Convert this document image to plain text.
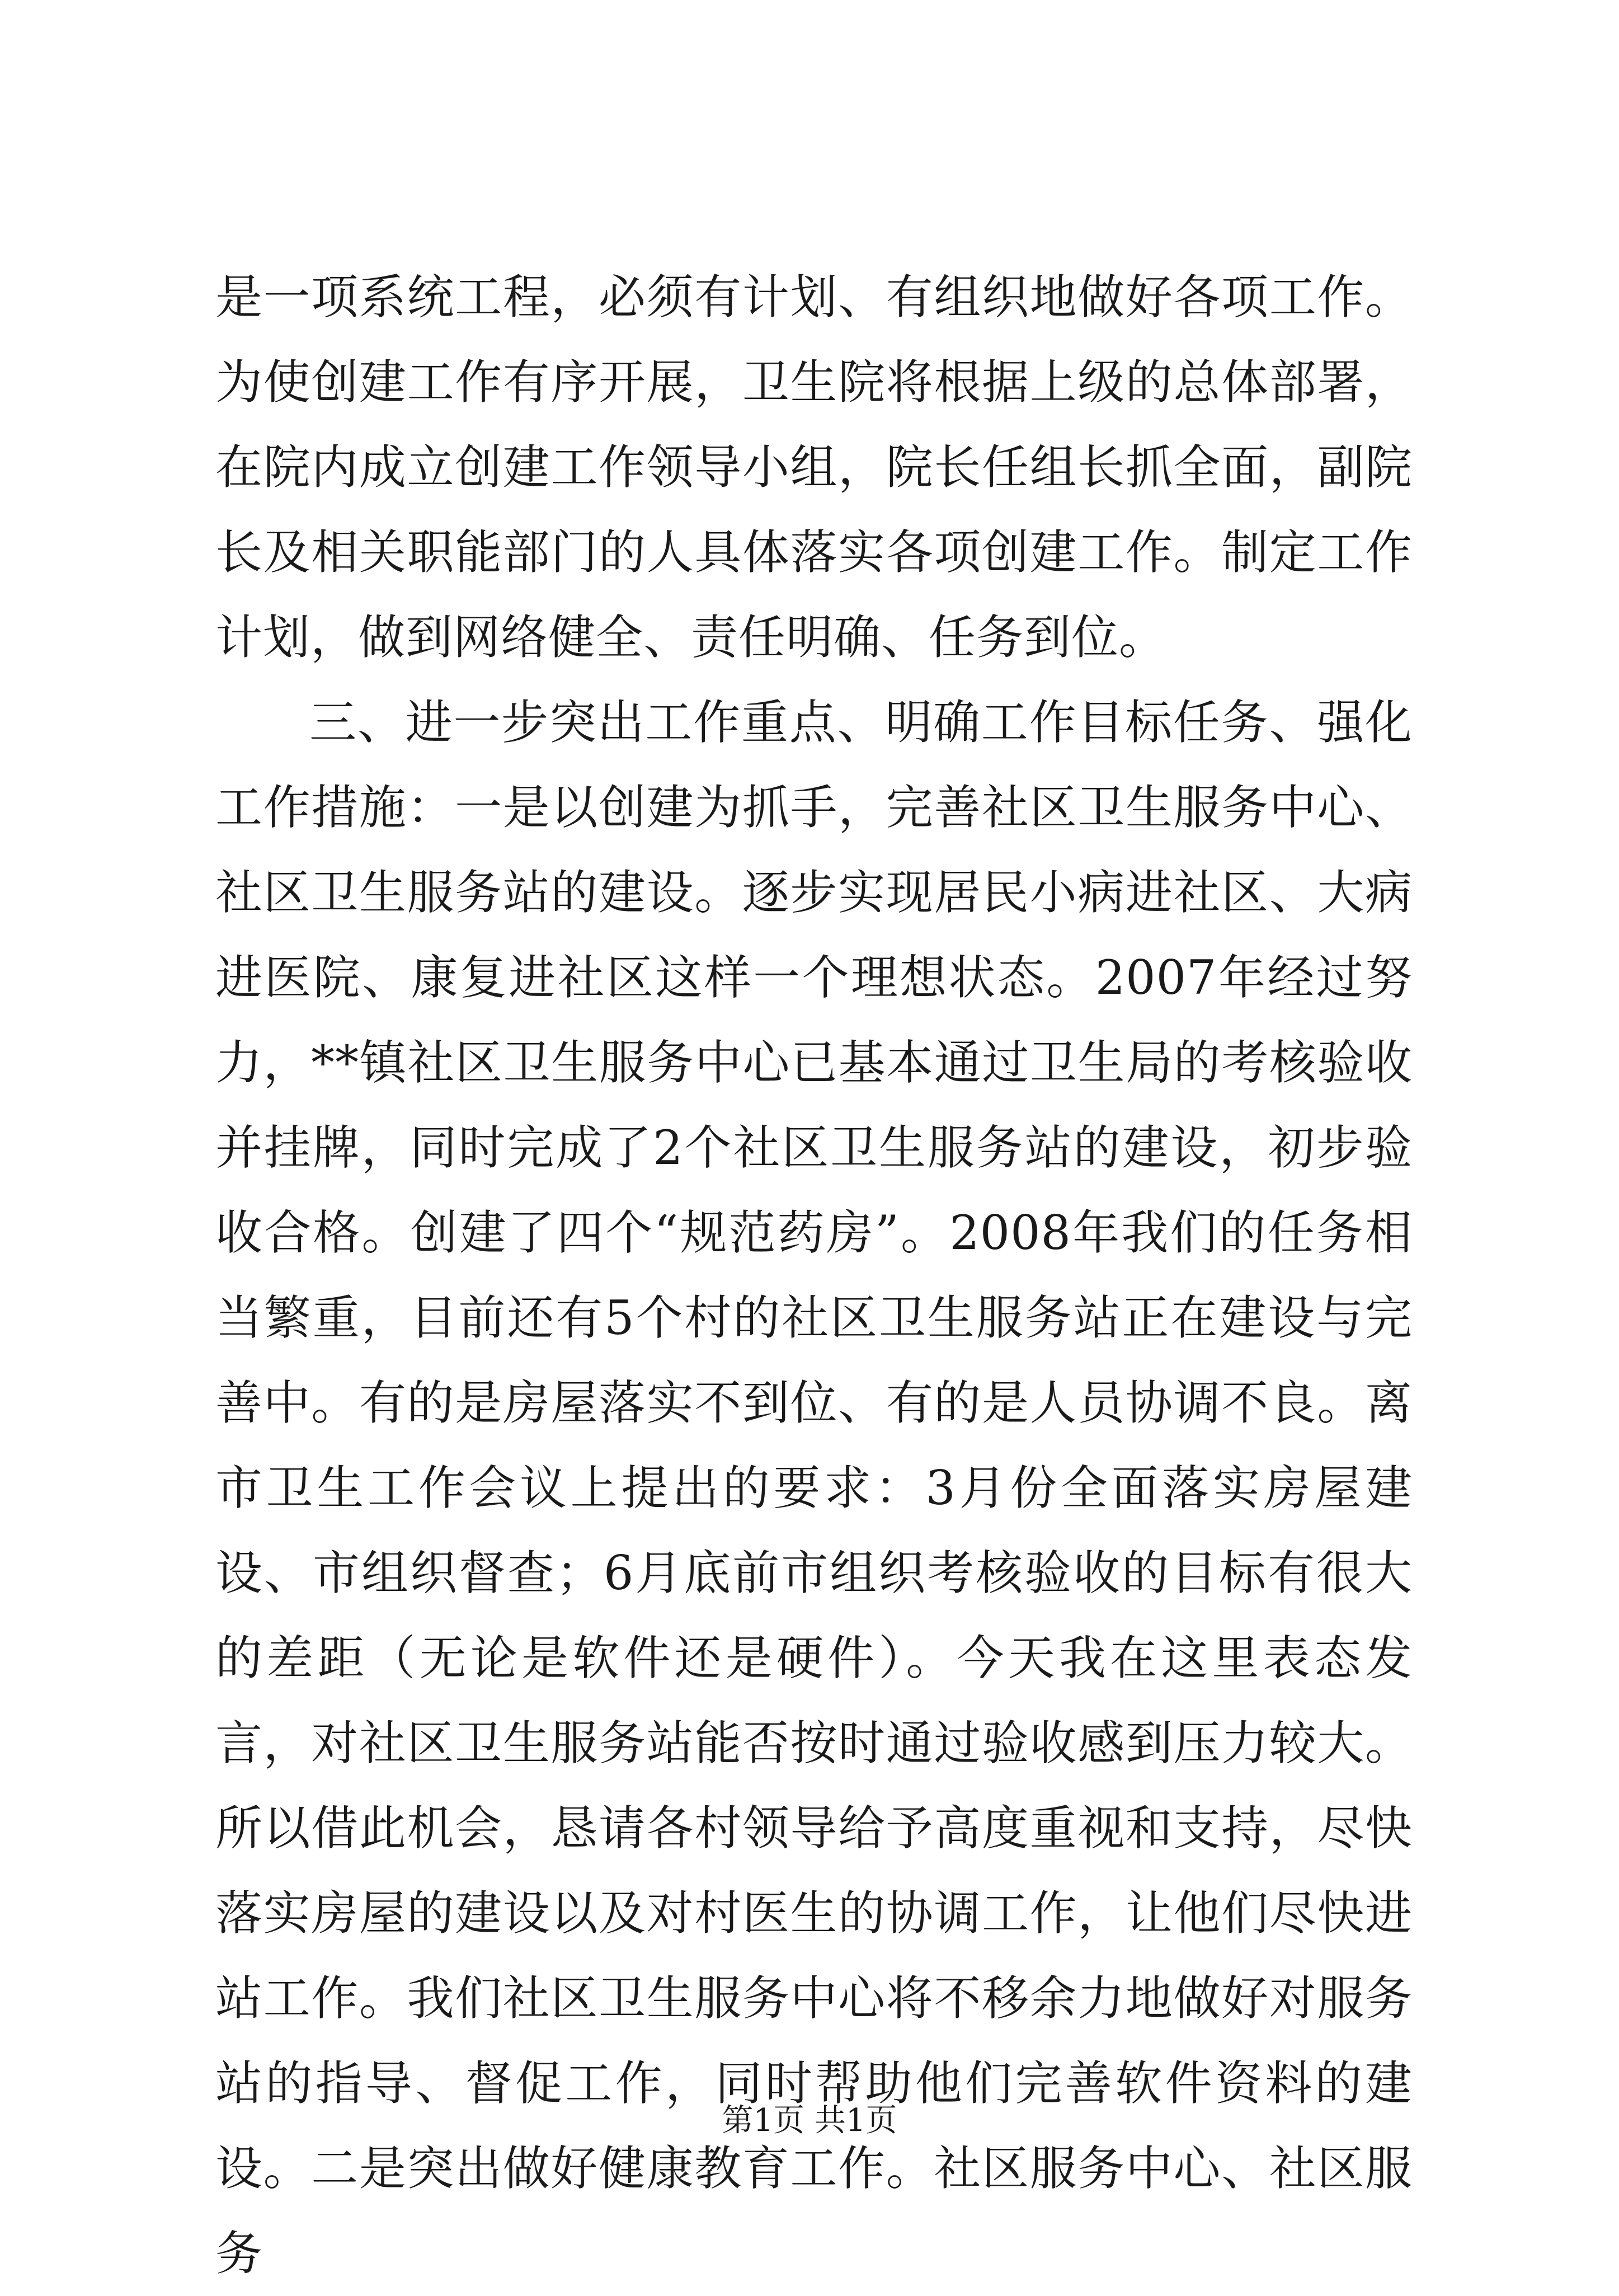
是一项系统工程，必须有计划、有组织地做好各项工作。为使创建工作有序开展，卫生院将根据上级的总体部署，在院内成立创建工作领导小组，院长任组长抓全面，副院长及相关职能部门的人具体落实各项创建工作。制定工作计划，做到网络健全、责任明确、任务到位。

三、进一步突出工作重点、明确工作目标任务、强化工作措施：一是以创建为抓手，完善社区卫生服务中心、社区卫生服务站的建设。逐步实现居民小病进社区、大病进医院、康复进社区这样一个理想状态。2007年经过努力，**镇社区卫生服务中心已基本通过卫生局的考核验收并挂牌，同时完成了2个社区卫生服务站的建设，初步验收合格。创建了四个“规范药房”。2008年我们的任务相当繁重，目前还有5个村的社区卫生服务站正在建设与完善中。有的是房屋落实不到位、有的是人员协调不良。离市卫生工作会议上提出的要求：3月份全面落实房屋建设、市组织督查；6月底前市组织考核验收的目标有很大的差距（无论是软件还是硬件）。今天我在这里表态发言，对社区卫生服务站能否按时通过验收感到压力较大。所以借此机会，恳请各村领导给予高度重视和支持，尽快落实房屋的建设以及对村医生的协调工作，让他们尽快进站工作。我们社区卫生服务中心将不移余力地做好对服务站的指导、督促工作，同时帮助他们完善软件资料的建设。二是突出做好健康教育工作。社区服务中心、社区服务

第1页 共1页
